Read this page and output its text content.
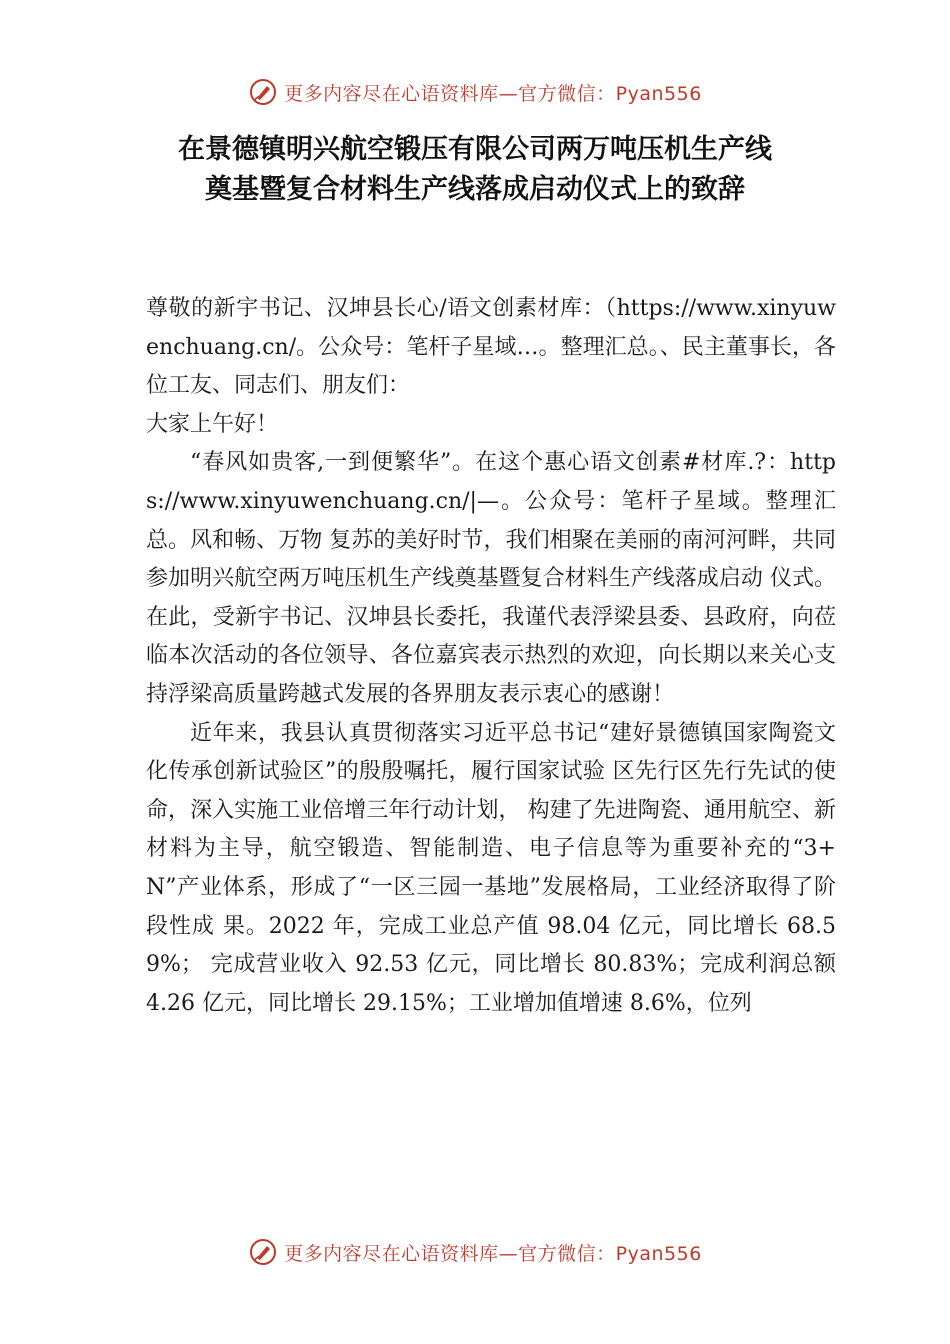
更多内容尽在心语资料库—官方微信：Pyan556
在景德镇明兴航空锻压有限公司两万吨压机生产线
奠基暨复合材料生产线落成启动仪式上的致辞

尊敬的新宇书记、汉坤县长心/语文创素材库：（https://www.xinyuwenchuang.cn/。公众号：笔杆子星域…。整理汇总。、民主董事长，各位工友、同志们、朋友们：

大家上午好！

“春风如贵客,一到便繁华”。在这个惠心语文创素#材库.?：https://www.xinyuwenchuang.cn/|—。公众号：笔杆子星域。整理汇总。风和畅、万物 复苏的美好时节，我们相聚在美丽的南河河畔，共同参加明兴航空两万吨压机生产线奠基暨复合材料生产线落成启动 仪式。在此，受新宇书记、汉坤县长委托，我谨代表浮梁县委、县政府，向莅临本次活动的各位领导、各位嘉宾表示热烈的欢迎，向长期以来关心支持浮梁高质量跨越式发展的各界朋友表示衷心的感谢！

近年来，我县认真贯彻落实习近平总书记“建好景德镇国家陶瓷文化传承创新试验区”的殷殷嘱托，履行国家试验 区先行区先行先试的使命，深入实施工业倍增三年行动计划， 构建了先进陶瓷、通用航空、新材料为主导，航空锻造、智能制造、电子信息等为重要补充的“3+N”产业体系，形成了“一区三园一基地”发展格局，工业经济取得了阶段性成 果。2022 年，完成工业总产值 98.04 亿元，同比增长 68.59%； 完成营业收入 92.53 亿元，同比增长 80.83%；完成利润总额 4.26 亿元，同比增长 29.15%；工业增加值增速 8.6%，位列

更多内容尽在心语资料库—官方微信：Pyan556
